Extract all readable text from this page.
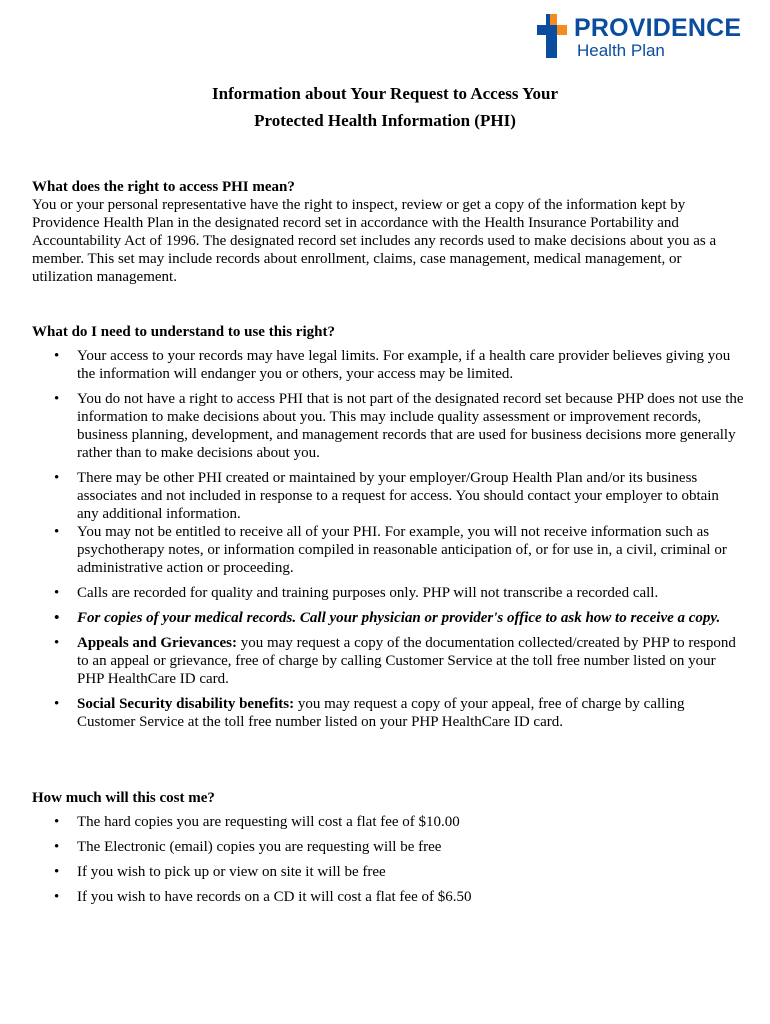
PROVIDENCE
Health Plan
Information about Your Request to Access Your
Protected Health Information (PHI)
What does the right to access PHI mean?

You or your personal representative have the right to inspect, review or get a copy of the information kept by Providence Health Plan in the designated record set in accordance with the Health Insurance Portability and Accountability Act of 1996. The designated record set includes any records used to make decisions about you as a member. This set may include records about enrollment, claims, case management, medical management, or utilization management.

What do I need to understand to use this right?
• Your access to your records may have legal limits. For example, if a health care provider believes giving you the information will endanger you or others, your access may be limited.
• You do not have a right to access PHI that is not part of the designated record set because PHP does not use the information to make decisions about you. This may include quality assessment or improvement records, business planning, development, and management records that are used for business decisions more generally rather than to make decisions about you.
• There may be other PHI created or maintained by your employer/Group Health Plan and/or its business associates and not included in response to a request for access. You should contact your employer to obtain any additional information.
• You may not be entitled to receive all of your PHI. For example, you will not receive information such as psychotherapy notes, or information compiled in reasonable anticipation of, or for use in, a civil, criminal or administrative action or proceeding.
• Calls are recorded for quality and training purposes only. PHP will not transcribe a recorded call.
• For copies of your medical records. Call your physician or provider's office to ask how to receive a copy.
• Appeals and Grievances: you may request a copy of the documentation collected/created by PHP to respond to an appeal or grievance, free of charge by calling Customer Service at the toll free number listed on your PHP HealthCare ID card.
• Social Security disability benefits: you may request a copy of your appeal, free of charge by calling Customer Service at the toll free number listed on your PHP HealthCare ID card.
How much will this cost me?
• The hard copies you are requesting will cost a flat fee of $10.00
• The Electronic (email) copies you are requesting will be free
• If you wish to pick up or view on site it will be free
• If you wish to have records on a CD it will cost a flat fee of $6.50
